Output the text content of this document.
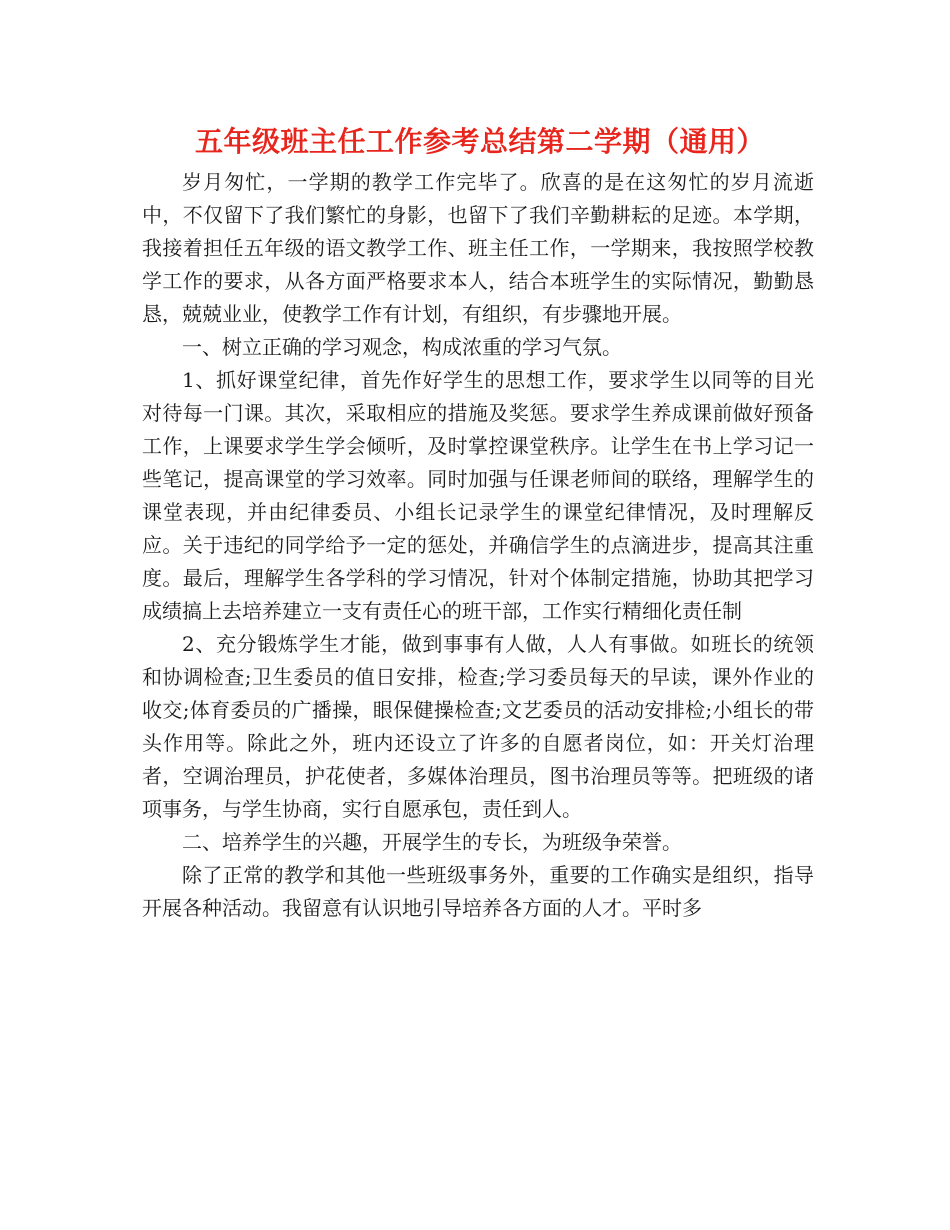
五年级班主任工作参考总结第二学期（通用）

岁月匆忙，一学期的教学工作完毕了。欣喜的是在这匆忙的岁月流逝中，不仅留下了我们繁忙的身影，也留下了我们辛勤耕耘的足迹。本学期，我接着担任五年级的语文教学工作、班主任工作，一学期来，我按照学校教学工作的要求，从各方面严格要求本人，结合本班学生的实际情况，勤勤恳恳，兢兢业业，使教学工作有计划，有组织，有步骤地开展。

一、树立正确的学习观念，构成浓重的学习气氛。

1、抓好课堂纪律，首先作好学生的思想工作，要求学生以同等的目光对待每一门课。其次，采取相应的措施及奖惩。要求学生养成课前做好预备工作，上课要求学生学会倾听，及时掌控课堂秩序。让学生在书上学习记一些笔记，提高课堂的学习效率。同时加强与任课老师间的联络，理解学生的课堂表现，并由纪律委员、小组长记录学生的课堂纪律情况，及时理解反应。关于违纪的同学给予一定的惩处，并确信学生的点滴进步，提高其注重度。最后，理解学生各学科的学习情况，针对个体制定措施，协助其把学习成绩搞上去培养建立一支有责任心的班干部，工作实行精细化责任制

2、充分锻炼学生才能，做到事事有人做，人人有事做。如班长的统领和协调检查;卫生委员的值日安排，检查;学习委员每天的早读，课外作业的收交;体育委员的广播操，眼保健操检查;文艺委员的活动安排检;小组长的带头作用等。除此之外，班内还设立了许多的自愿者岗位，如：开关灯治理者，空调治理员，护花使者，多媒体治理员，图书治理员等等。把班级的诸项事务，与学生协商，实行自愿承包，责任到人。

二、培养学生的兴趣，开展学生的专长，为班级争荣誉。

除了正常的教学和其他一些班级事务外，重要的工作确实是组织，指导开展各种活动。我留意有认识地引导培养各方面的人才。平时多
